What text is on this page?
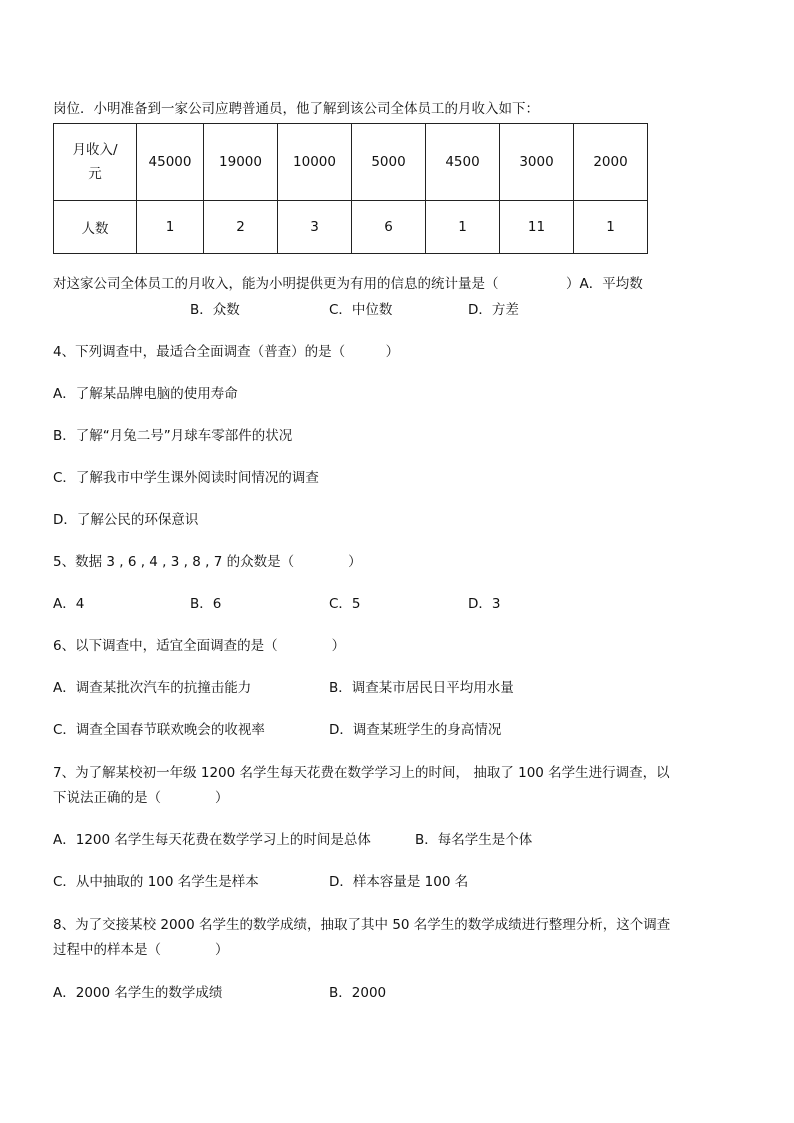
岗位．小明准备到一家公司应聘普通员，他了解到该公司全体员工的月收入如下：
月收入/
元	45000	19000	10000	5000	4500	3000	2000
人数	1	2	3	6	1	11	1
对这家公司全体员工的月收入，能为小明提供更为有用的信息的统计量是（　　　　　）A．平均数
B．众数	C．中位数	D．方差
4、下列调查中，最适合全面调查（普查）的是（　　　）
A．了解某品牌电脑的使用寿命
B．了解“月兔二号”月球车零部件的状况
C．了解我市中学生课外阅读时间情况的调查
D．了解公民的环保意识
5、数据 3 , 6 , 4 , 3 , 8 , 7 的众数是（　　　　）
A．4	B．6	C．5	D．3
6、以下调查中，适宜全面调查的是（　　　　）
A．调查某批次汽车的抗撞击能力	B．调查某市居民日平均用水量
C．调查全国春节联欢晚会的收视率	D．调查某班学生的身高情况
7、为了解某校初一年级 1200 名学生每天花费在数学学习上的时间， 抽取了 100 名学生进行调查，以
下说法正确的是（　　　　）
A．1200 名学生每天花费在数学学习上的时间是总体	B．每名学生是个体
C．从中抽取的 100 名学生是样本	D．样本容量是 100 名
8、为了交接某校 2000 名学生的数学成绩，抽取了其中 50 名学生的数学成绩进行整理分析，这个调查
过程中的样本是（　　　　）
A．2000 名学生的数学成绩	B．2000
